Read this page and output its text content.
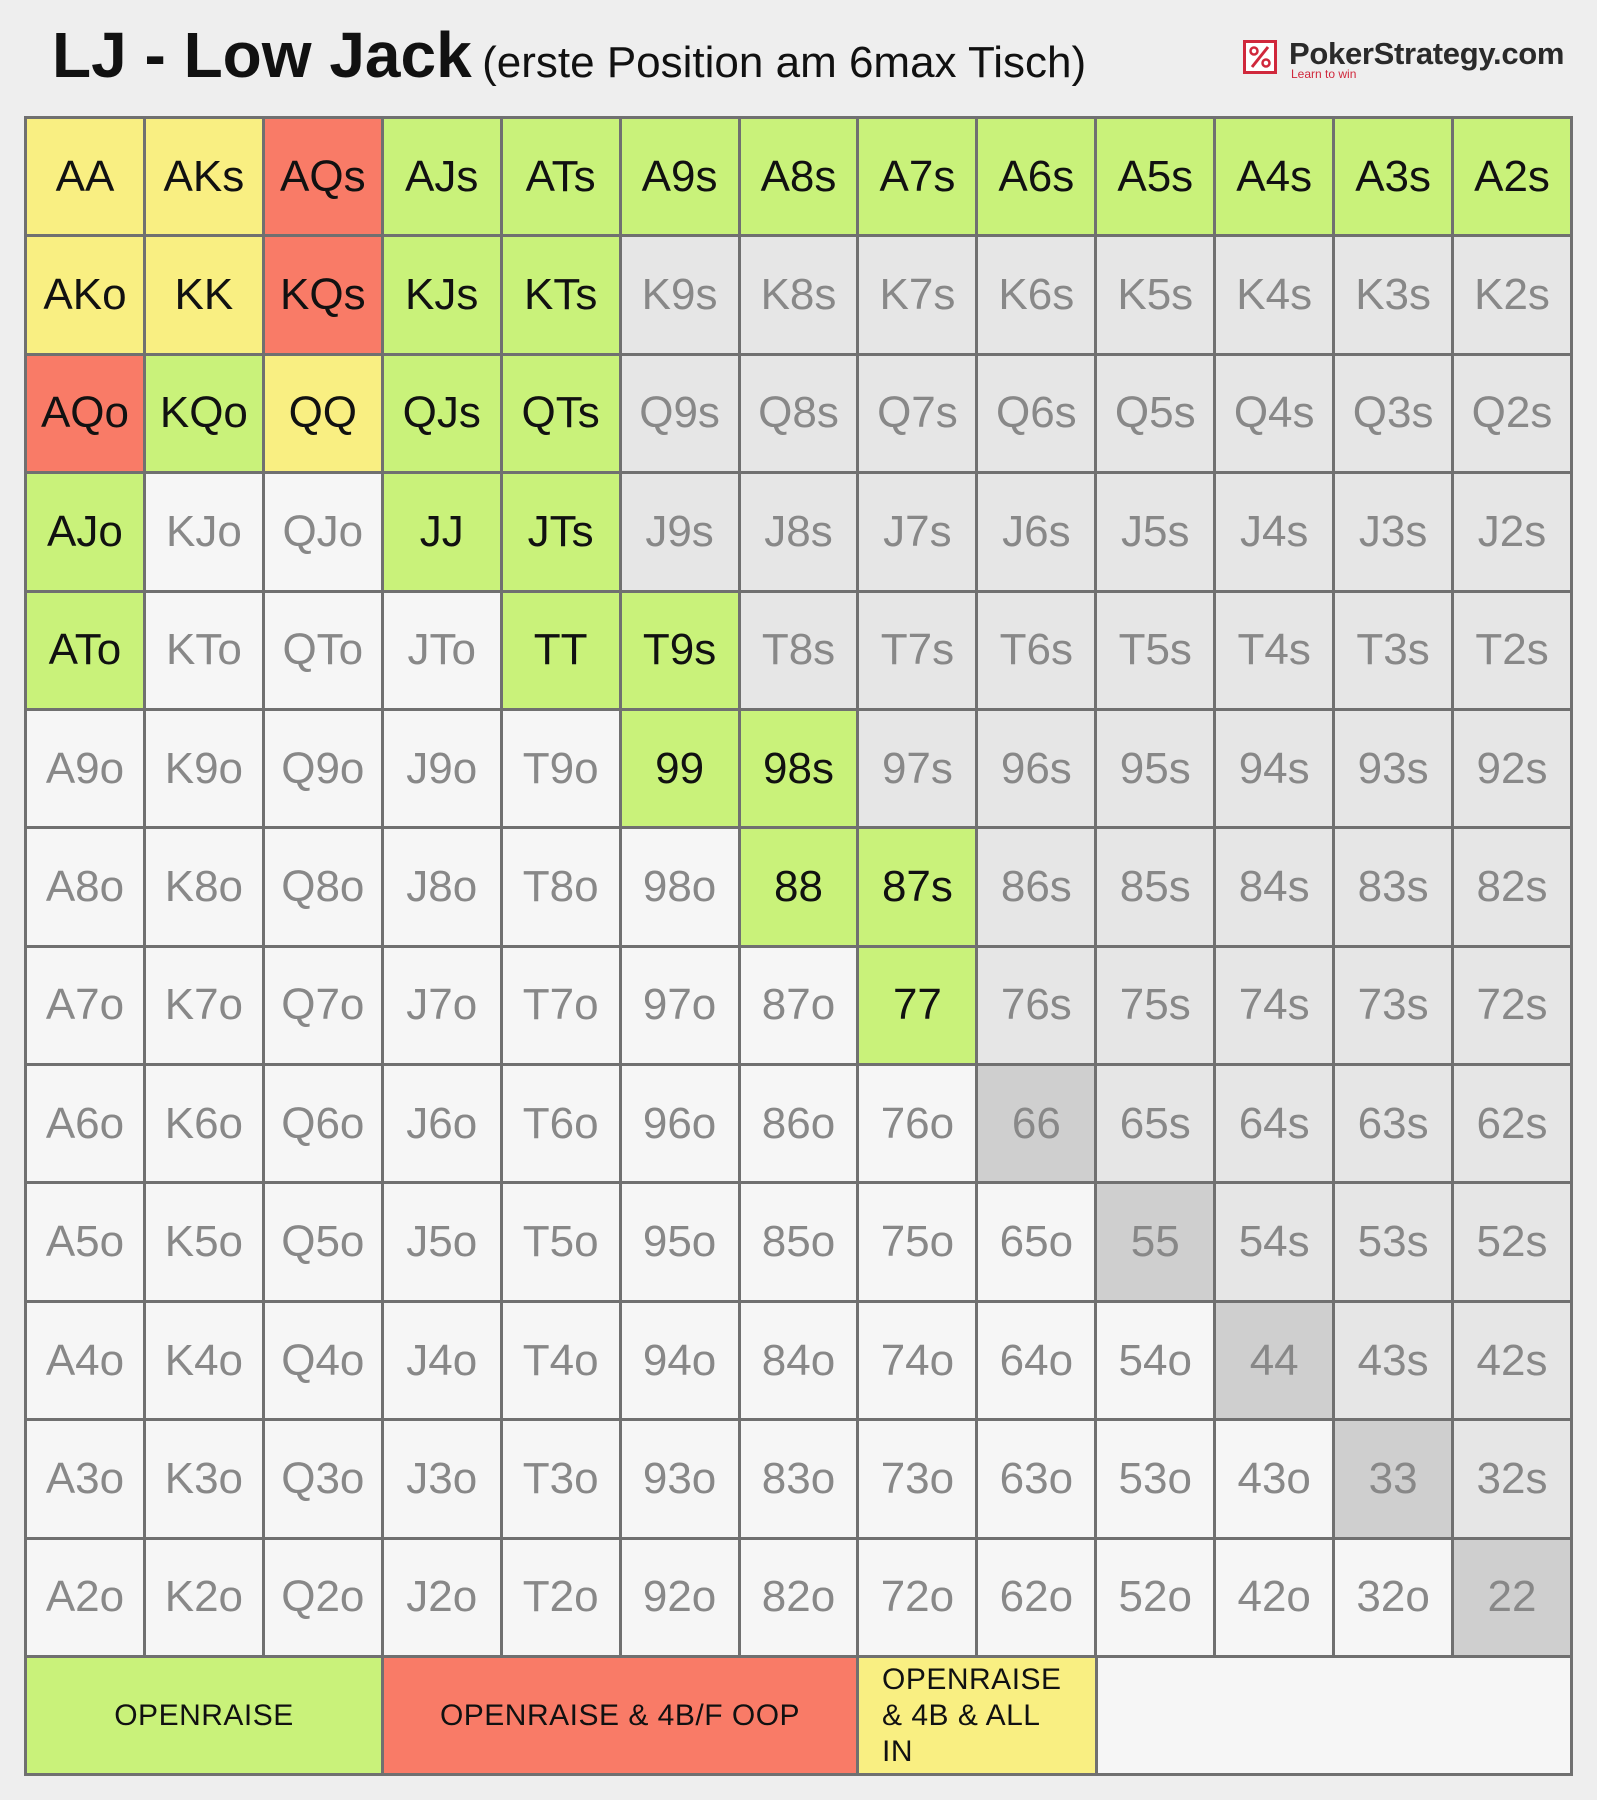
LJ - Low Jack (erste Position am 6max Tisch)	PokerStrategy.com
Learn to win
AA	AKs AQs AJs	ATs	A9s A8s A7s A6s A5s A4s A3s A2s
AKo	KK	KQs KJs	KTs	K9s K8s K7s K6s K5s K4s K3s K2s
AQo KQo QQ	QJs QTs Q9s Q8s Q7s Q6s Q5s Q4s Q3s Q2s
AJo KJo QJo	JJ	JTs	J9s	J8s	J7s	J6s	J5s	J4s	J3s	J2s
ATo	KTo QTo	JTo	TT	T9s	T8s	T7s	T6s	T5s	T4s	T3s	T2s
A9o K9o Q9o J9o	T9o	99	98s	97s	96s	95s	94s	93s	92s
A8o K8o Q8o J8o	T8o	98o	88	87s	86s	85s	84s	83s	82s
A7o K7o Q7o J7o	T7o	97o	87o	77	76s	75s	74s	73s	72s
A6o K6o Q6o J6o	T6o	96o	86o	76o	66	65s	64s	63s	62s
A5o K5o Q5o J5o	T5o	95o	85o	75o	65o	55	54s	53s	52s
A4o K4o Q4o J4o	T4o	94o	84o	74o	64o	54o	44	43s	42s
A3o K3o Q3o J3o	T3o	93o	83o	73o	63o	53o	43o	33	32s
A2o K2o Q2o J2o	T2o	92o	82o	72o	62o	52o	42o	32o	22
OPENRAISE	OPENRAISE & 4B/F OOP
OPENRAISE & 4B & ALL IN
